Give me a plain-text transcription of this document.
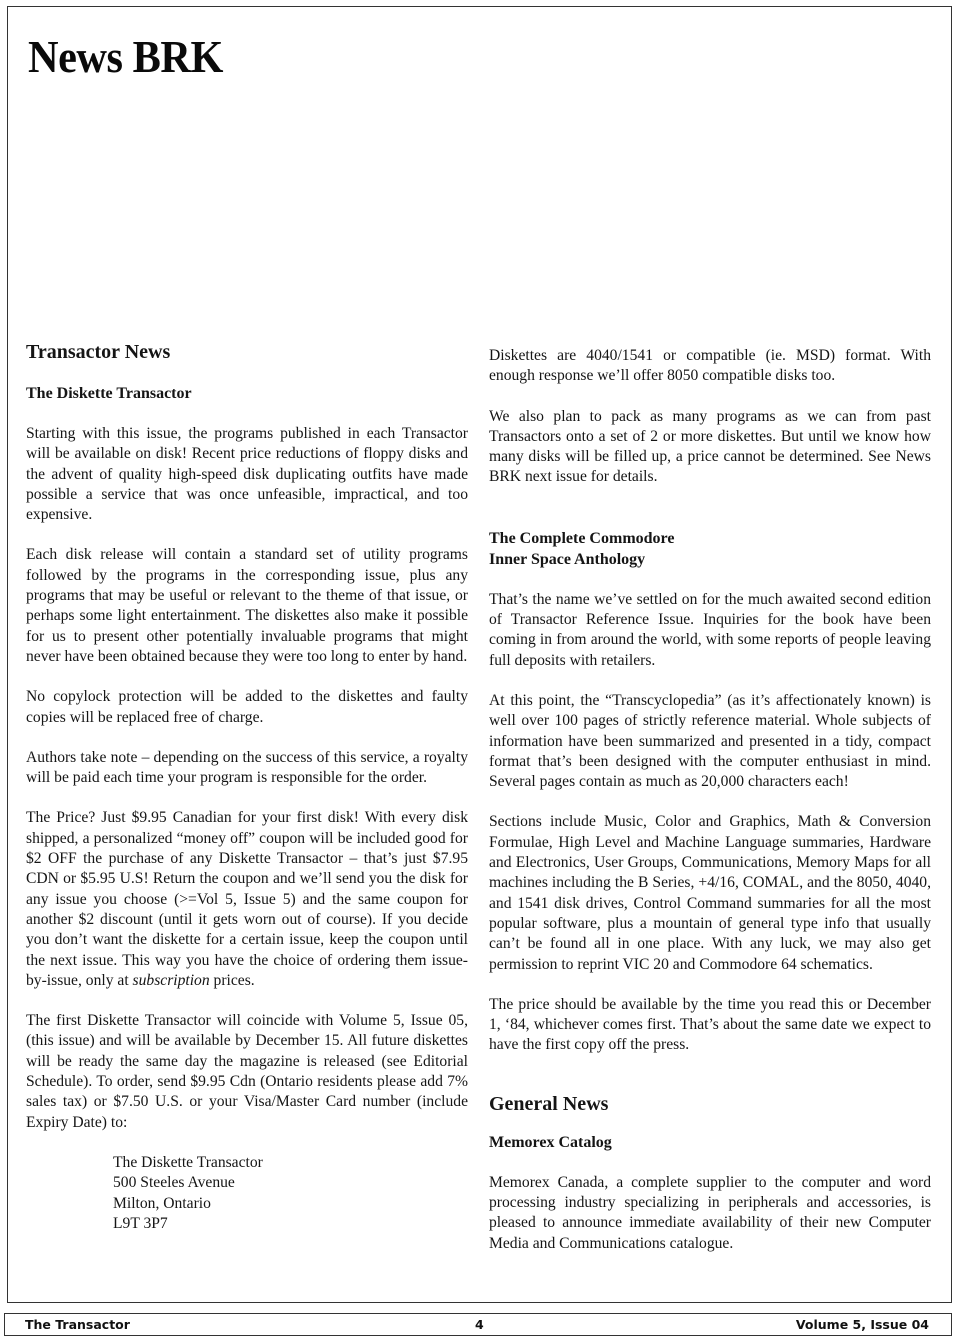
News BRK
Transactor News
The Diskette Transactor

Starting with this issue, the programs published in each Transactor will be available on disk! Recent price reductions of floppy disks and the advent of quality high-speed disk duplicating outfits have made possible a service that was once unfeasible, impractical, and too expensive.

Each disk release will contain a standard set of utility programs followed by the programs in the corresponding issue, plus any programs that may be useful or relevant to the theme of that issue, or perhaps some light entertainment. The diskettes also make it possible for us to present other potentially invaluable programs that might never have been obtained because they were too long to enter by hand.

No copylock protection will be added to the diskettes and faulty copies will be replaced free of charge.

Authors take note – depending on the success of this service, a royalty will be paid each time your program is responsible for the order.

The Price? Just $9.95 Canadian for your first disk! With every disk shipped, a personalized “money off” coupon will be included good for $2 OFF the purchase of any Diskette Transactor – that’s just $7.95 CDN or $5.95 U.S! Return the coupon and we’ll send you the disk for any issue you choose (>=Vol 5, Issue 5) and the same coupon for another $2 discount (until it gets worn out of course). If you decide you don’t want the diskette for a certain issue, keep the coupon until the next issue. This way you have the choice of ordering them issue-by-issue, only at subscription prices.

The first Diskette Transactor will coincide with Volume 5, Issue 05, (this issue) and will be available by December 15. All future diskettes will be ready the same day the magazine is released (see Editorial Schedule). To order, send $9.95 Cdn (Ontario residents please add 7% sales tax) or $7.50 U.S. or your Visa/Master Card number (include Expiry Date) to:

The Diskette Transactor
500 Steeles Avenue
Milton, Ontario
L9T 3P7

Diskettes are 4040/1541 or compatible (ie. MSD) format. With enough response we’ll offer 8050 compatible disks too.

We also plan to pack as many programs as we can from past Transactors onto a set of 2 or more diskettes. But until we know how many disks will be filled up, a price cannot be determined. See News BRK next issue for details.

The Complete Commodore
Inner Space Anthology

That’s the name we’ve settled on for the much awaited second edition of Transactor Reference Issue. Inquiries for the book have been coming in from around the world, with some reports of people leaving full deposits with retailers.

At this point, the “Transcyclopedia” (as it’s affectionately known) is well over 100 pages of strictly reference material. Whole subjects of information have been summarized and presented in a tidy, compact format that’s been designed with the computer enthusiast in mind. Several pages contain as much as 20,000 characters each!

Sections include Music, Color and Graphics, Math & Conversion Formulae, High Level and Machine Language summaries, Hardware and Electronics, User Groups, Communications, Memory Maps for all machines including the B Series, +4/16, COMAL, and the 8050, 4040, and 1541 disk drives, Control Command summaries for all the most popular software, plus a mountain of general type info that usually can’t be found all in one place. With any luck, we may also get permission to reprint VIC 20 and Commodore 64 schematics.

The price should be available by the time you read this or December 1, ‘84, whichever comes first. That’s about the same date we expect to have the first copy off the press.

General News
Memorex Catalog

Memorex Canada, a complete supplier to the computer and word processing industry specializing in peripherals and accessories, is pleased to announce immediate availability of their new Computer Media and Communications catalogue.

The Transactor	4	Volume 5, Issue 04
